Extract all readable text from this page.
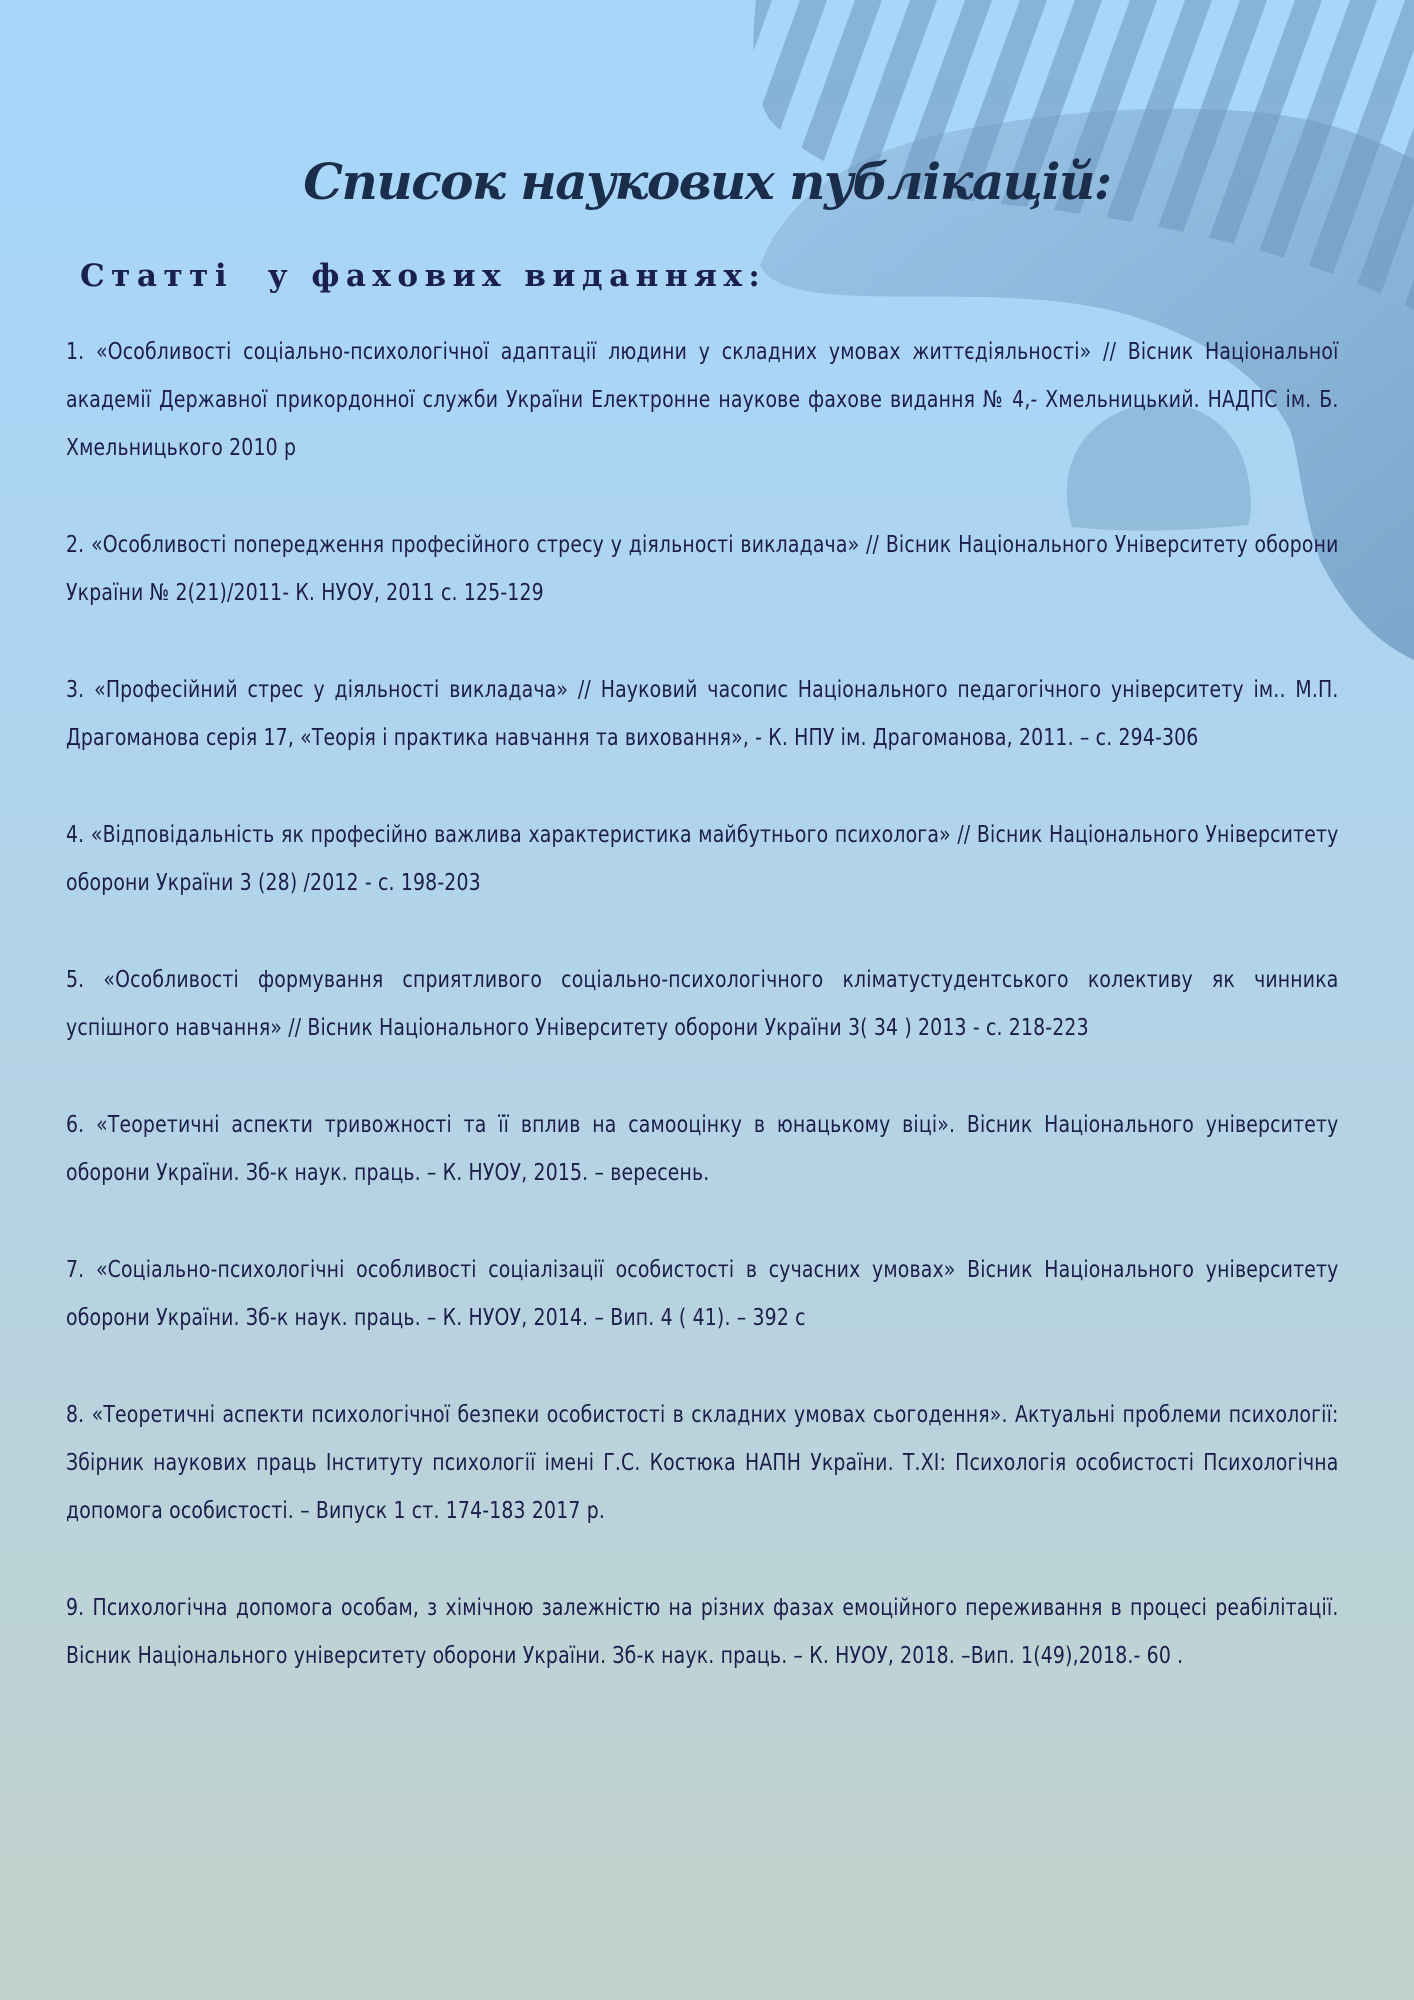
Список наукових публікацій:
Статті  у фахових виданнях:
1. «Особливості соціально-психологічної адаптації людини у складних умовах життєдіяльності» // Вісник Національної академії Державної прикордонної служби України Електронне наукове фахове видання № 4,- Хмельницький. НАДПС ім. Б. Хмельницького 2010 р
2. «Особливості попередження професійного стресу у діяльності викладача» // Вісник Національного Університету оборони України № 2(21)/2011- К. НУОУ, 2011 с. 125-129
3. «Професійний стрес у діяльності викладача» // Науковий часопис Національного педагогічного університету ім.. М.П. Драгоманова серія 17, «Теорія і практика навчання та виховання», - К. НПУ ім. Драгоманова, 2011. – с. 294-306
4. «Відповідальність як професійно важлива характеристика майбутнього психолога» // Вісник Національного Університету оборони України 3 (28) /2012 - с. 198-203
5. «Особливості формування сприятливого соціально-психологічного кліматустудентського колективу як чинника успішного навчання» // Вісник Національного Університету оборони України 3( 34 ) 2013 - с. 218-223
6. «Теоретичні аспекти тривожності та її вплив на самооцінку в юнацькому віці». Вісник Національного університету оборони України. Зб-к наук. праць. – К. НУОУ, 2015. – вересень.
7. «Соціально-психологічні особливості соціалізації особистості в сучасних умовах» Вісник Національного університету оборони України. Зб-к наук. праць. – К. НУОУ, 2014. – Вип. 4 ( 41). – 392 с
8. «Теоретичні аспекти психологічної безпеки особистості в складних умовах сьогодення». Актуальні проблеми психології: Збірник наукових праць Інституту психології імені Г.С. Костюка НАПН України. Т.XI: Психологія особистості Психологічна допомога особистості. – Випуск 1 ст. 174-183 2017 р.
9. Психологічна допомога особам, з хімічною залежністю на різних фазах емоційного переживання в процесі реабілітації. Вісник Національного університету оборони України. Зб-к наук. праць. – К. НУОУ, 2018. –Вип. 1(49),2018.- 60 .
